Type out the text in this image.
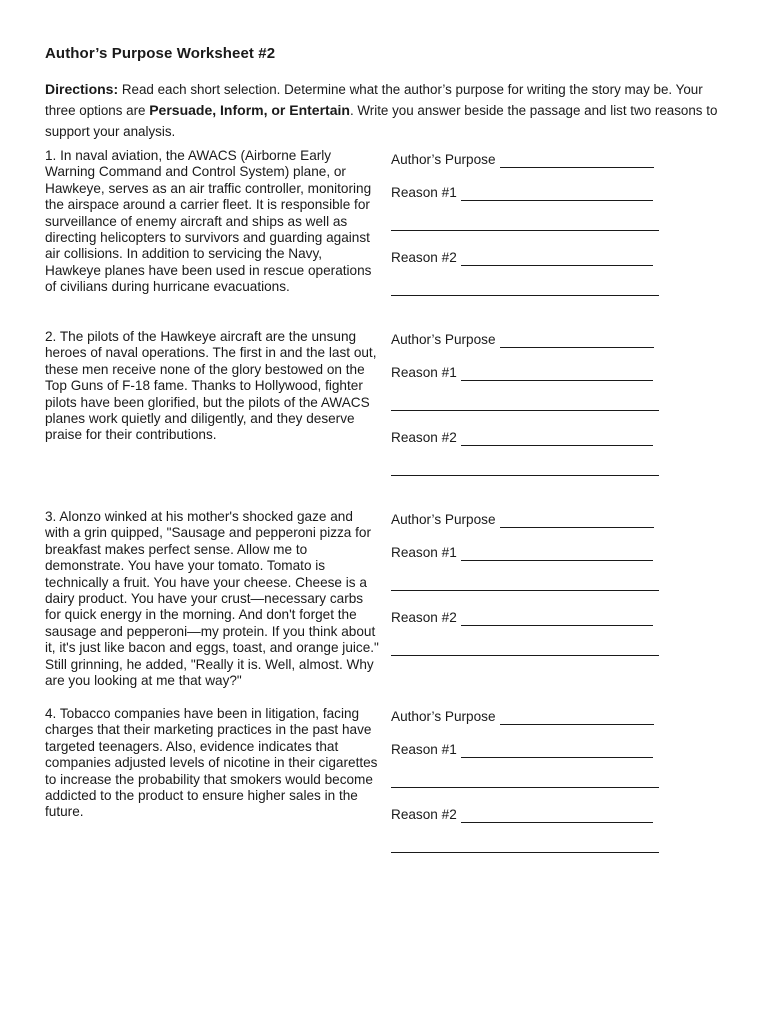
Author’s Purpose Worksheet #2
Directions: Read each short selection. Determine what the author’s purpose for writing the story may be. Your three options are Persuade, Inform, or Entertain. Write you answer beside the passage and list two reasons to support your analysis.
1. In naval aviation, the AWACS (Airborne Early Warning Command and Control System) plane, or Hawkeye, serves as an air traffic controller, monitoring the airspace around a carrier fleet. It is responsible for surveillance of enemy aircraft and ships as well as directing helicopters to survivors and guarding against air collisions. In addition to servicing the Navy, Hawkeye planes have been used in rescue operations of civilians during hurricane evacuations.
Author’s Purpose
Reason #1
Reason #2
2. The pilots of the Hawkeye aircraft are the unsung heroes of naval operations. The first in and the last out, these men receive none of the glory bestowed on the Top Guns of F-18 fame. Thanks to Hollywood, fighter pilots have been glorified, but the pilots of the AWACS planes work quietly and diligently, and they deserve praise for their contributions.
Author’s Purpose
Reason #1
Reason #2
3. Alonzo winked at his mother's shocked gaze and with a grin quipped, "Sausage and pepperoni pizza for breakfast makes perfect sense. Allow me to demonstrate. You have your tomato. Tomato is technically a fruit. You have your cheese. Cheese is a dairy product. You have your crust—necessary carbs for quick energy in the morning. And don't forget the sausage and pepperoni—my protein. If you think about it, it's just like bacon and eggs, toast, and orange juice." Still grinning, he added, "Really it is. Well, almost. Why are you looking at me that way?"
Author’s Purpose
Reason #1
Reason #2
4. Tobacco companies have been in litigation, facing charges that their marketing practices in the past have targeted teenagers. Also, evidence indicates that companies adjusted levels of nicotine in their cigarettes to increase the probability that smokers would become addicted to the product to ensure higher sales in the future.
Author’s Purpose
Reason #1
Reason #2
